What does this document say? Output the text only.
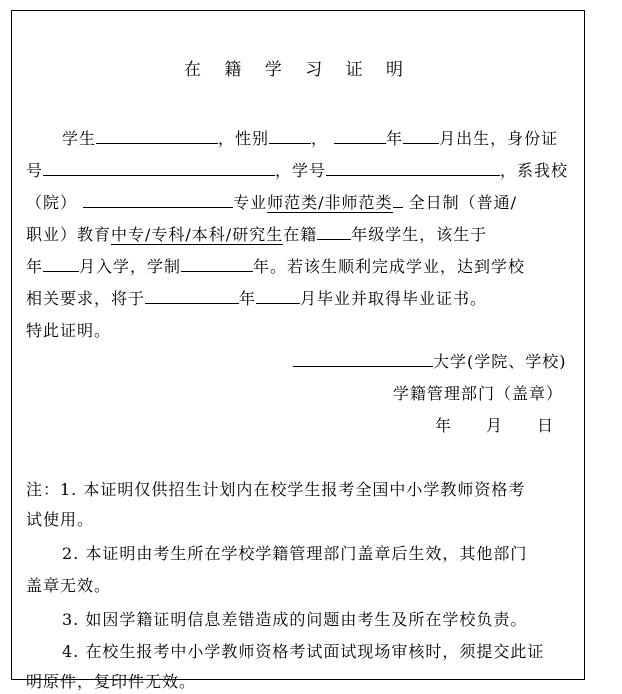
在 籍 学 习 证 明
学生	，性别	，	年 月出生，身份证
号	，学号	，系我校
（院）	专业师范类/非师范类 全日制（普通/
职业）教育中专/专科/本科/研究生在籍 年级学生，该生于
年 月入学，学制	年。若该生顺利完成学业，达到学校
相关要求，将于	年	月毕业并取得毕业证书。
特此证明。
大学(学院、学校)
学籍管理部门（盖章）
年　　月　　日
注：1. 本证明仅供招生计划内在校学生报考全国中小学教师资格考
试使用。
2. 本证明由考生所在学校学籍管理部门盖章后生效，其他部门
盖章无效。
3. 如因学籍证明信息差错造成的问题由考生及所在学校负责。
4. 在校生报考中小学教师资格考试面试现场审核时，须提交此证
明原件，复印件无效。
